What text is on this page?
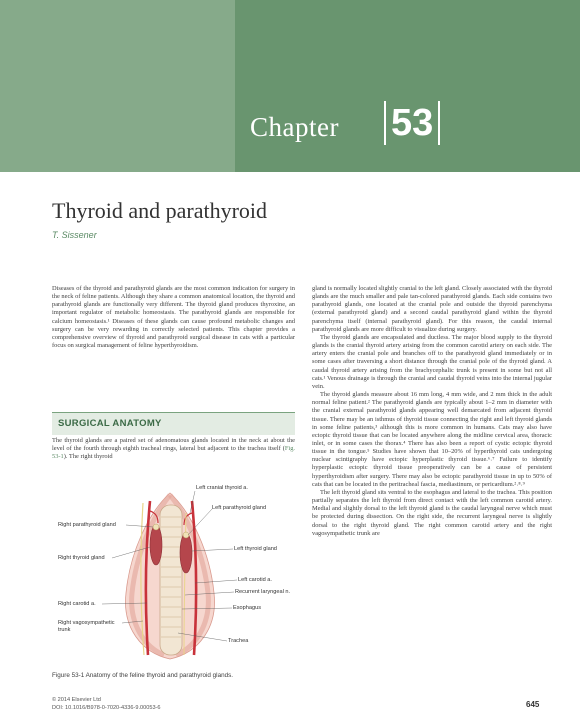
Chapter 53
Thyroid and parathyroid
T. Sissener

Diseases of the thyroid and parathyroid glands are the most common indication for surgery in the neck of feline patients. Although they share a common anatomical location, the thyroid and parathyroid glands are functionally very different. The thyroid gland produces thyroxine, an important regulator of metabolic homeostasis. The parathyroid glands are responsible for calcium homeostasis.¹ Diseases of these glands can cause profound metabolic changes and surgery can be very rewarding in correctly selected patients. This chapter provides a comprehensive overview of thyroid and parathyroid surgical disease in cats with a particular focus on surgical management of feline hyperthyroidism.

SURGICAL ANATOMY

The thyroid glands are a paired set of adenomatous glands located in the neck at about the level of the fourth through eighth tracheal rings, lateral but adjacent to the trachea itself (Fig. 53-1). The right thyroid

gland is normally located slightly cranial to the left gland. Closely associated with the thyroid glands are the much smaller and pale tan-colored parathyroid glands. Each side contains two parathyroid glands, one located at the cranial pole and outside the thyroid parenchyma (external parathyroid gland) and a second caudal parathyroid gland within the thyroid parenchyma itself (internal parathyroid gland). For this reason, the caudal internal parathyroid glands are more difficult to visualize during surgery.

The thyroid glands are encapsulated and ductless. The major blood supply to the thyroid glands is the cranial thyroid artery arising from the common carotid artery on each side. The artery enters the cranial pole and branches off to the parathyroid gland immediately or in some cases after traversing a short distance through the cranial pole of the thyroid gland. A caudal thyroid artery arising from the brachycephalic trunk is present in some but not all cats.¹ Venous drainage is through the cranial and caudal thyroid veins into the internal jugular vein.

The thyroid glands measure about 16 mm long, 4 mm wide, and 2 mm thick in the adult normal feline patient.² The parathyroid glands are typically about 1–2 mm in diameter with the cranial external parathyroid glands appearing well demarcated from adjacent thyroid tissue. There may be an isthmus of thyroid tissue connecting the right and left thyroid glands in some feline patients,³ although this is more common in humans. Cats may also have ectopic thyroid tissue that can be located anywhere along the midline cervical area, thoracic inlet, or in some cases the thorax.⁴ There has also been a report of cystic ectopic thyroid tissue in the tongue.⁵ Studies have shown that 10–20% of hyperthyroid cats undergoing nuclear scintigraphy have ectopic hyperplastic thyroid tissue.⁶˒⁷ Failure to identify hyperplastic ectopic thyroid tissue preoperatively can be a cause of persistent hyperthyroidism after surgery. There may also be ectopic parathyroid tissue in up to 50% of cats that can be located in the peritracheal fascia, mediastinum, or pericardium.²˒⁸˒⁹

The left thyroid gland sits ventral to the esophagus and lateral to the trachea. This position partially separates the left thyroid from direct contact with the left common carotid artery. Medial and slightly dorsal to the left thyroid gland is the caudal laryngeal nerve which must be protected during dissection. On the right side, the recurrent laryngeal nerve is slightly dorsal to the right thyroid gland. The right common carotid artery and the right vagosympathetic trunk are

Left cranial thyroid a.
Left parathyroid gland
Right parathyroid gland
Left thyroid gland
Right thyroid gland
Left carotid a.
Recurrent laryngeal n.
Right carotid a.
Esophagus
Right vagosympathetic
trunk
Trachea
Figure 53-1 Anatomy of the feline thyroid and parathyroid glands.
© 2014 Elsevier Ltd
DOI: 10.1016/B978-0-7020-4336-9.00053-6	645
